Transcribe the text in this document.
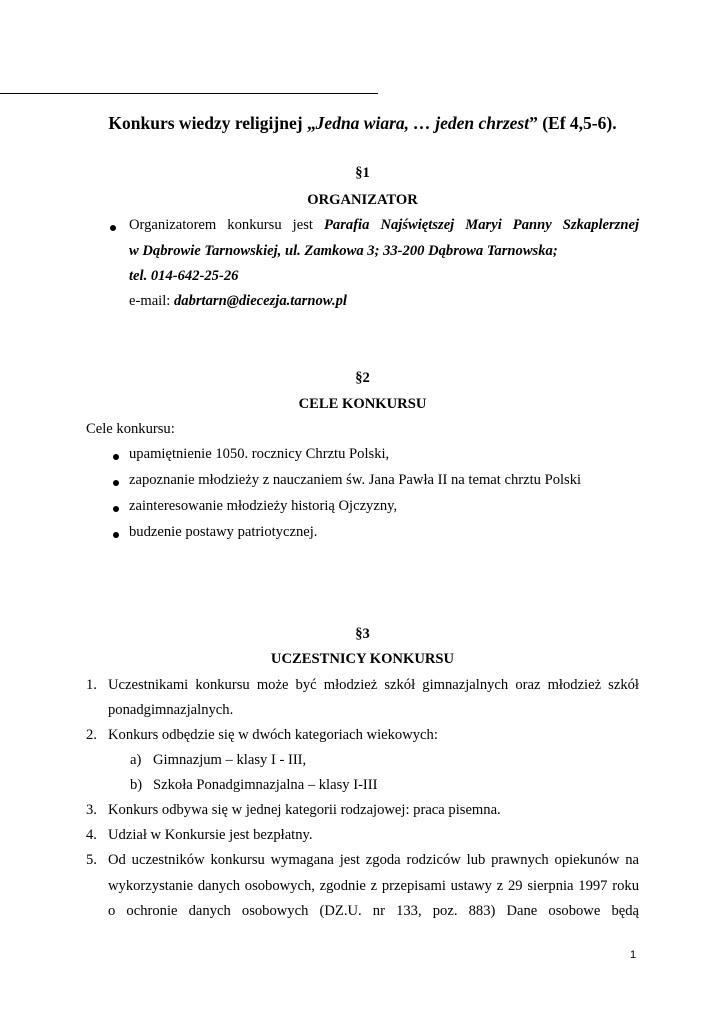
Konkurs wiedzy religijnej „Jedna wiara, … jeden chrzest” (Ef 4,5-6).
§1
ORGANIZATOR
Organizatorem konkursu jest Parafia Najświętszej Maryi Panny Szkaplerznej
w Dąbrowie Tarnowskiej, ul. Zamkowa 3; 33-200 Dąbrowa Tarnowska;
tel. 014-642-25-26
e-mail: dabrtarn@diecezja.tarnow.pl
§2
CELE KONKURSU
Cele konkursu:
upamiętnienie 1050. rocznicy Chrztu Polski,
zapoznanie młodzieży z nauczaniem św. Jana Pawła II na temat chrztu Polski
zainteresowanie młodzieży historią Ojczyzny,
budzenie postawy patriotycznej.
§3
UCZESTNICY KONKURSU
1. Uczestnikami konkursu może być młodzież szkół gimnazjalnych oraz młodzież szkół
ponadgimnazjalnych.
2. Konkurs odbędzie się w dwóch kategoriach wiekowych:
a) Gimnazjum – klasy I - III,
b) Szkoła Ponadgimnazjalna – klasy I-III
3. Konkurs odbywa się w jednej kategorii rodzajowej: praca pisemna.
4. Udział w Konkursie jest bezpłatny.
5. Od uczestników konkursu wymagana jest zgoda rodziców lub prawnych opiekunów na
wykorzystanie danych osobowych, zgodnie z przepisami ustawy z 29 sierpnia 1997 roku
o ochronie danych osobowych (DZ.U. nr 133, poz. 883) Dane osobowe będą
1
